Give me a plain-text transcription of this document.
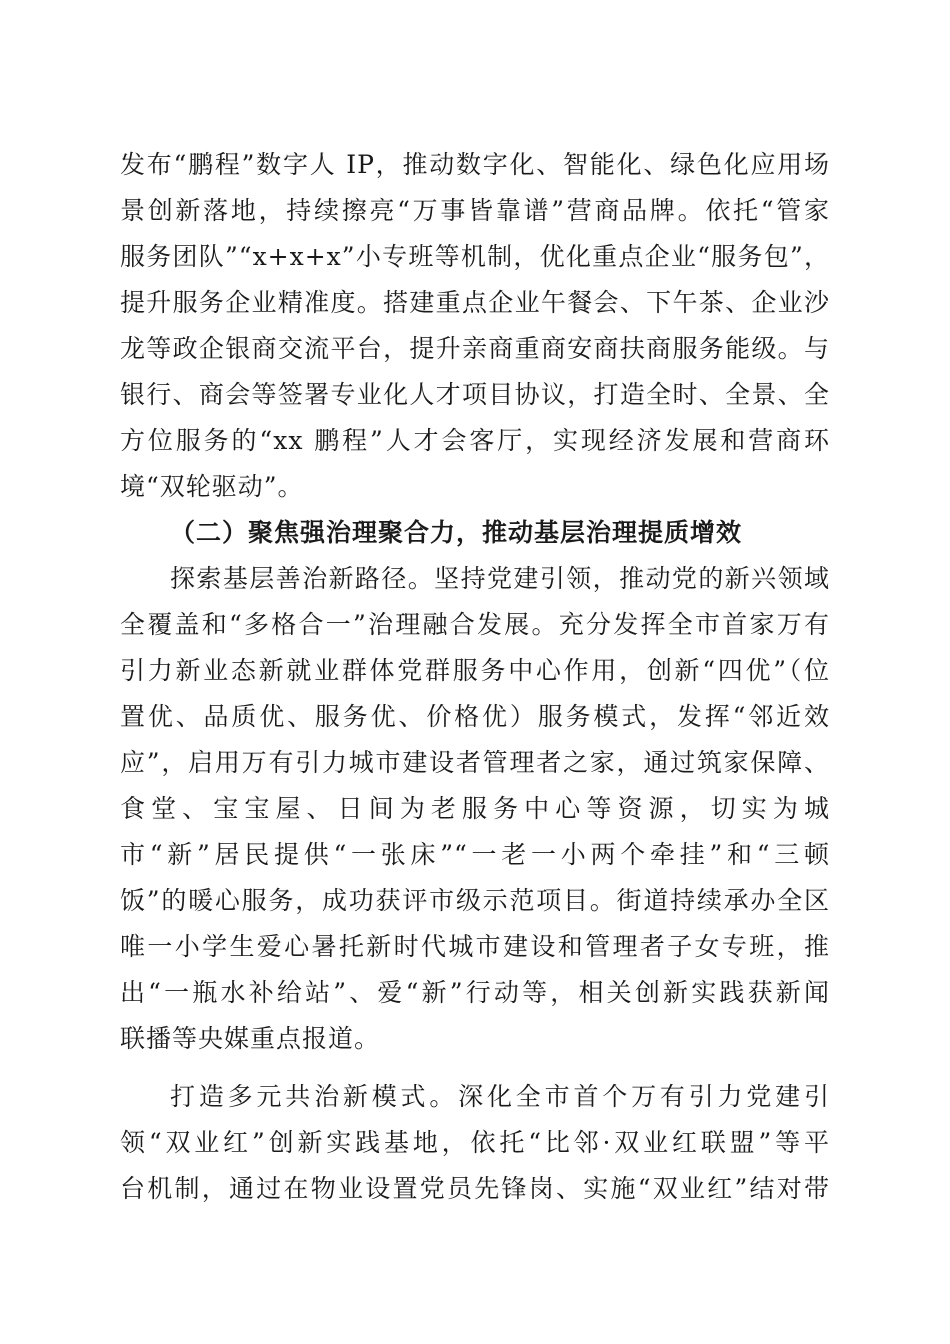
发布“鹏程”数字人 IP，推动数字化、智能化、绿色化应用场
景创新落地，持续擦亮“万事皆靠谱”营商品牌。依托“管家
服务团队”“x+x+x”小专班等机制，优化重点企业“服务包”，
提升服务企业精准度。搭建重点企业午餐会、下午茶、企业沙
龙等政企银商交流平台，提升亲商重商安商扶商服务能级。与
银行、商会等签署专业化人才项目协议，打造全时、全景、全
方位服务的“xx 鹏程”人才会客厅，实现经济发展和营商环
境“双轮驱动”。
（二）聚焦强治理聚合力，推动基层治理提质增效
探索基层善治新路径。坚持党建引领，推动党的新兴领域
全覆盖和“多格合一”治理融合发展。充分发挥全市首家万有
引力新业态新就业群体党群服务中心作用，创新“四优”（位
置优、品质优、服务优、价格优）服务模式，发挥“邻近效
应”，启用万有引力城市建设者管理者之家，通过筑家保障、
食堂、宝宝屋、日间为老服务中心等资源，切实为城
市“新”居民提供“一张床”“一老一小两个牵挂”和“三顿
饭”的暖心服务，成功获评市级示范项目。街道持续承办全区
唯一小学生爱心暑托新时代城市建设和管理者子女专班，推
出“一瓶水补给站”、爱“新”行动等，相关创新实践获新闻
联播等央媒重点报道。
打造多元共治新模式。深化全市首个万有引力党建引
领“双业红”创新实践基地，依托“比邻·双业红联盟”等平
台机制，通过在物业设置党员先锋岗、实施“双业红”结对带
